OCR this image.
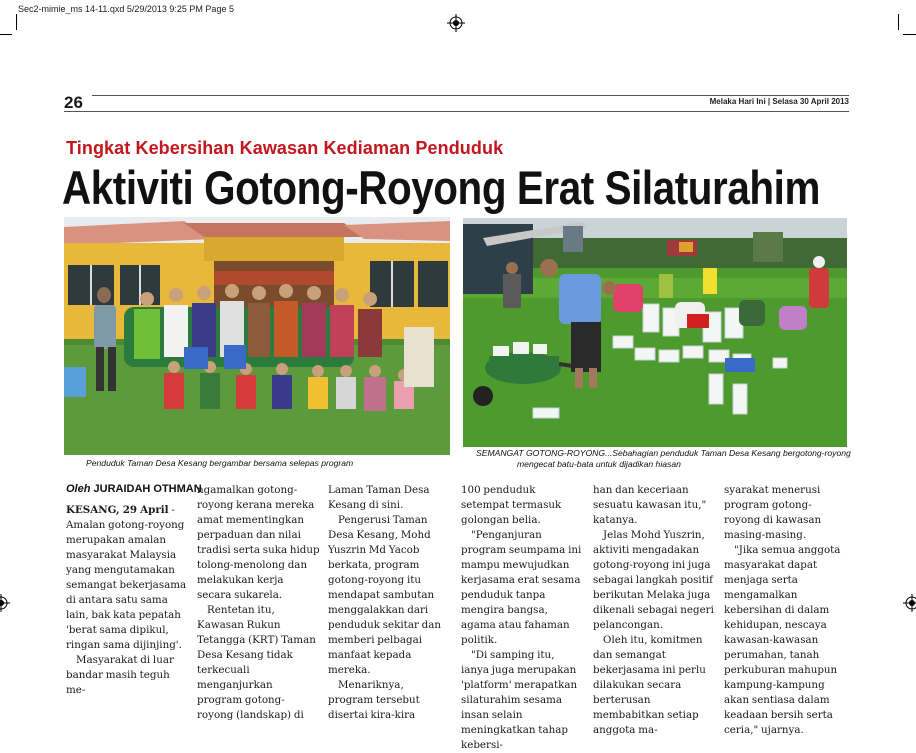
Sec2-mimie_ms 14-11.qxd 5/29/2013 9:25 PM Page 5
26	Melaka Hari Ini | Selasa 30 April 2013
Tingkat Kebersihan Kawasan Kediaman Penduduk
Aktiviti Gotong-Royong Erat Silaturahim
Penduduk Taman Desa Kesang bergambar bersama selepas program
SEMANGAT GOTONG-ROYONG...Sebahagian penduduk Taman Desa Kesang bergotong-royong
mengecat batu-bata untuk dijadikan hiasan
Oleh JURAIDAH OTHMAN

KESANG, 29 April - Amalan gotong-royong merupakan amalan masyarakat Malaysia yang mengutamakan semangat bekerjasama di antara satu sama lain, bak kata pepatah 'berat sama dipikul, ringan sama dijinjing'.

Masyarakat di luar bandar masih teguh me-

ngamalkan gotong-royong kerana mereka amat mementingkan perpaduan dan nilai tradisi serta suka hidup tolong-menolong dan melakukan kerja secara sukarela.

Rentetan itu, Kawasan Rukun Tetangga (KRT) Taman Desa Kesang tidak terkecuali menganjurkan program gotong-royong (landskap) di

Laman Taman Desa Kesang di sini.

Pengerusi Taman Desa Kesang, Mohd Yuszrin Md Yacob berkata, program gotong-royong itu mendapat sambutan menggalakkan dari penduduk sekitar dan memberi pelbagai manfaat kepada mereka.

Menariknya, program tersebut disertai kira-kira

100 penduduk setempat termasuk golongan belia.

"Penganjuran program seumpama ini mampu mewujudkan kerjasama erat sesama penduduk tanpa mengira bangsa, agama atau fahaman politik.

"Di samping itu, ianya juga merupakan 'platform' merapatkan silaturahim sesama insan selain meningkatkan tahap kebersi-

han dan keceriaan sesuatu kawasan itu," katanya.

Jelas Mohd Yuszrin, aktiviti mengadakan gotong-royong ini juga sebagai langkah positif berikutan Melaka juga dikenali sebagai negeri pelancongan.

Oleh itu, komitmen dan semangat bekerjasama ini perlu dilakukan secara berterusan membabitkan setiap anggota ma-

syarakat menerusi program gotong-royong di kawasan masing-masing.

"Jika semua anggota masyarakat dapat menjaga serta mengamalkan kebersihan di dalam kehidupan, nescaya kawasan-kawasan perumahan, tanah perkuburan mahupun kampung-kampung akan sentiasa dalam keadaan bersih serta ceria," ujarnya.
